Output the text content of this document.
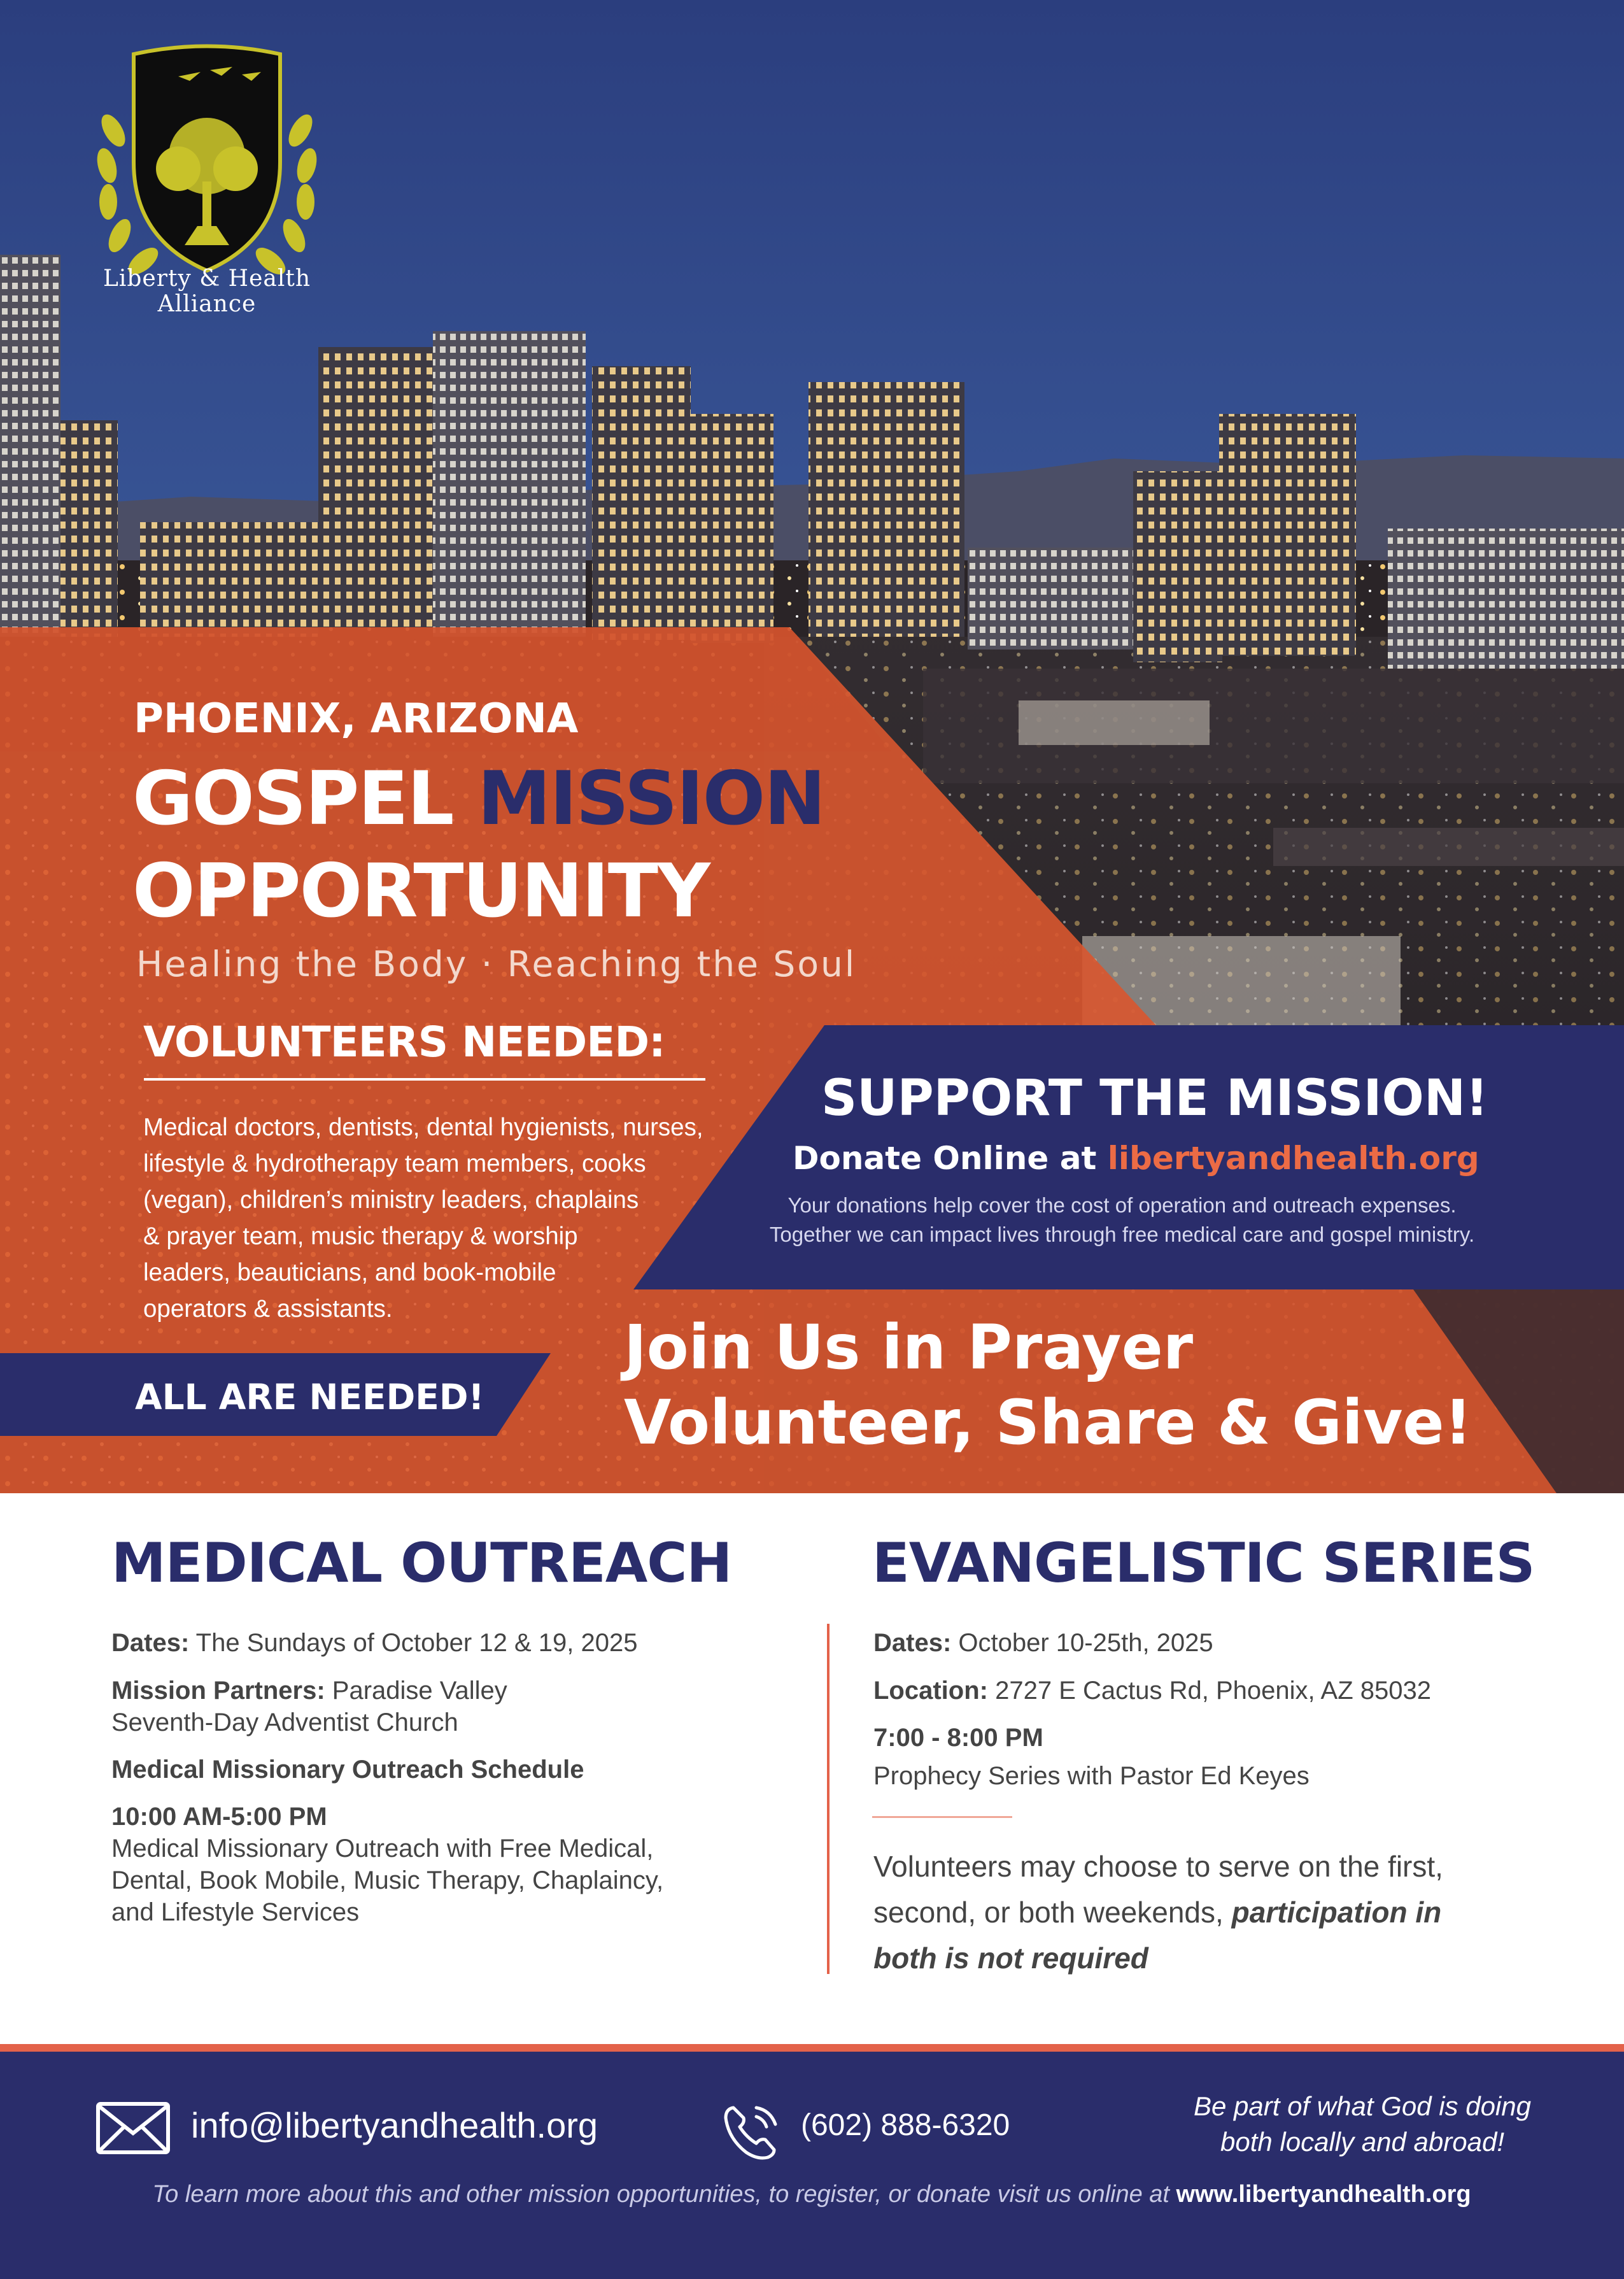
Liberty & Health
Alliance
PHOENIX, ARIZONA
GOSPEL MISSION
OPPORTUNITY
Healing the Body · Reaching the Soul
VOLUNTEERS NEEDED:
Medical doctors, dentists, dental hygienists, nurses,
lifestyle & hydrotherapy team members, cooks
(vegan), children’s ministry leaders, chaplains
& prayer team, music therapy & worship
leaders, beauticians, and book-mobile
operators & assistants.
ALL ARE NEEDED!
SUPPORT THE MISSION!
Donate Online at libertyandhealth.org
Your donations help cover the cost of operation and outreach expenses.
Together we can impact lives through free medical care and gospel ministry.
Join Us in Prayer
Volunteer, Share & Give!
MEDICAL OUTREACH
Dates: The Sundays of October 12 & 19, 2025
Mission Partners: Paradise Valley
Seventh-Day Adventist Church
Medical Missionary Outreach Schedule
10:00 AM-5:00 PM
Medical Missionary Outreach with Free Medical,
Dental, Book Mobile, Music Therapy, Chaplaincy,
and Lifestyle Services
EVANGELISTIC SERIES
Dates: October 10-25th, 2025
Location: 2727 E Cactus Rd, Phoenix, AZ 85032
7:00 - 8:00 PM
Prophecy Series with Pastor Ed Keyes
Volunteers may choose to serve on the first,
second, or both weekends, participation in
both is not required
info@libertyandhealth.org	(602) 888-6320
Be part of what God is doing
both locally and abroad!
To learn more about this and other mission opportunities, to register, or donate visit us online at www.libertyandhealth.org
